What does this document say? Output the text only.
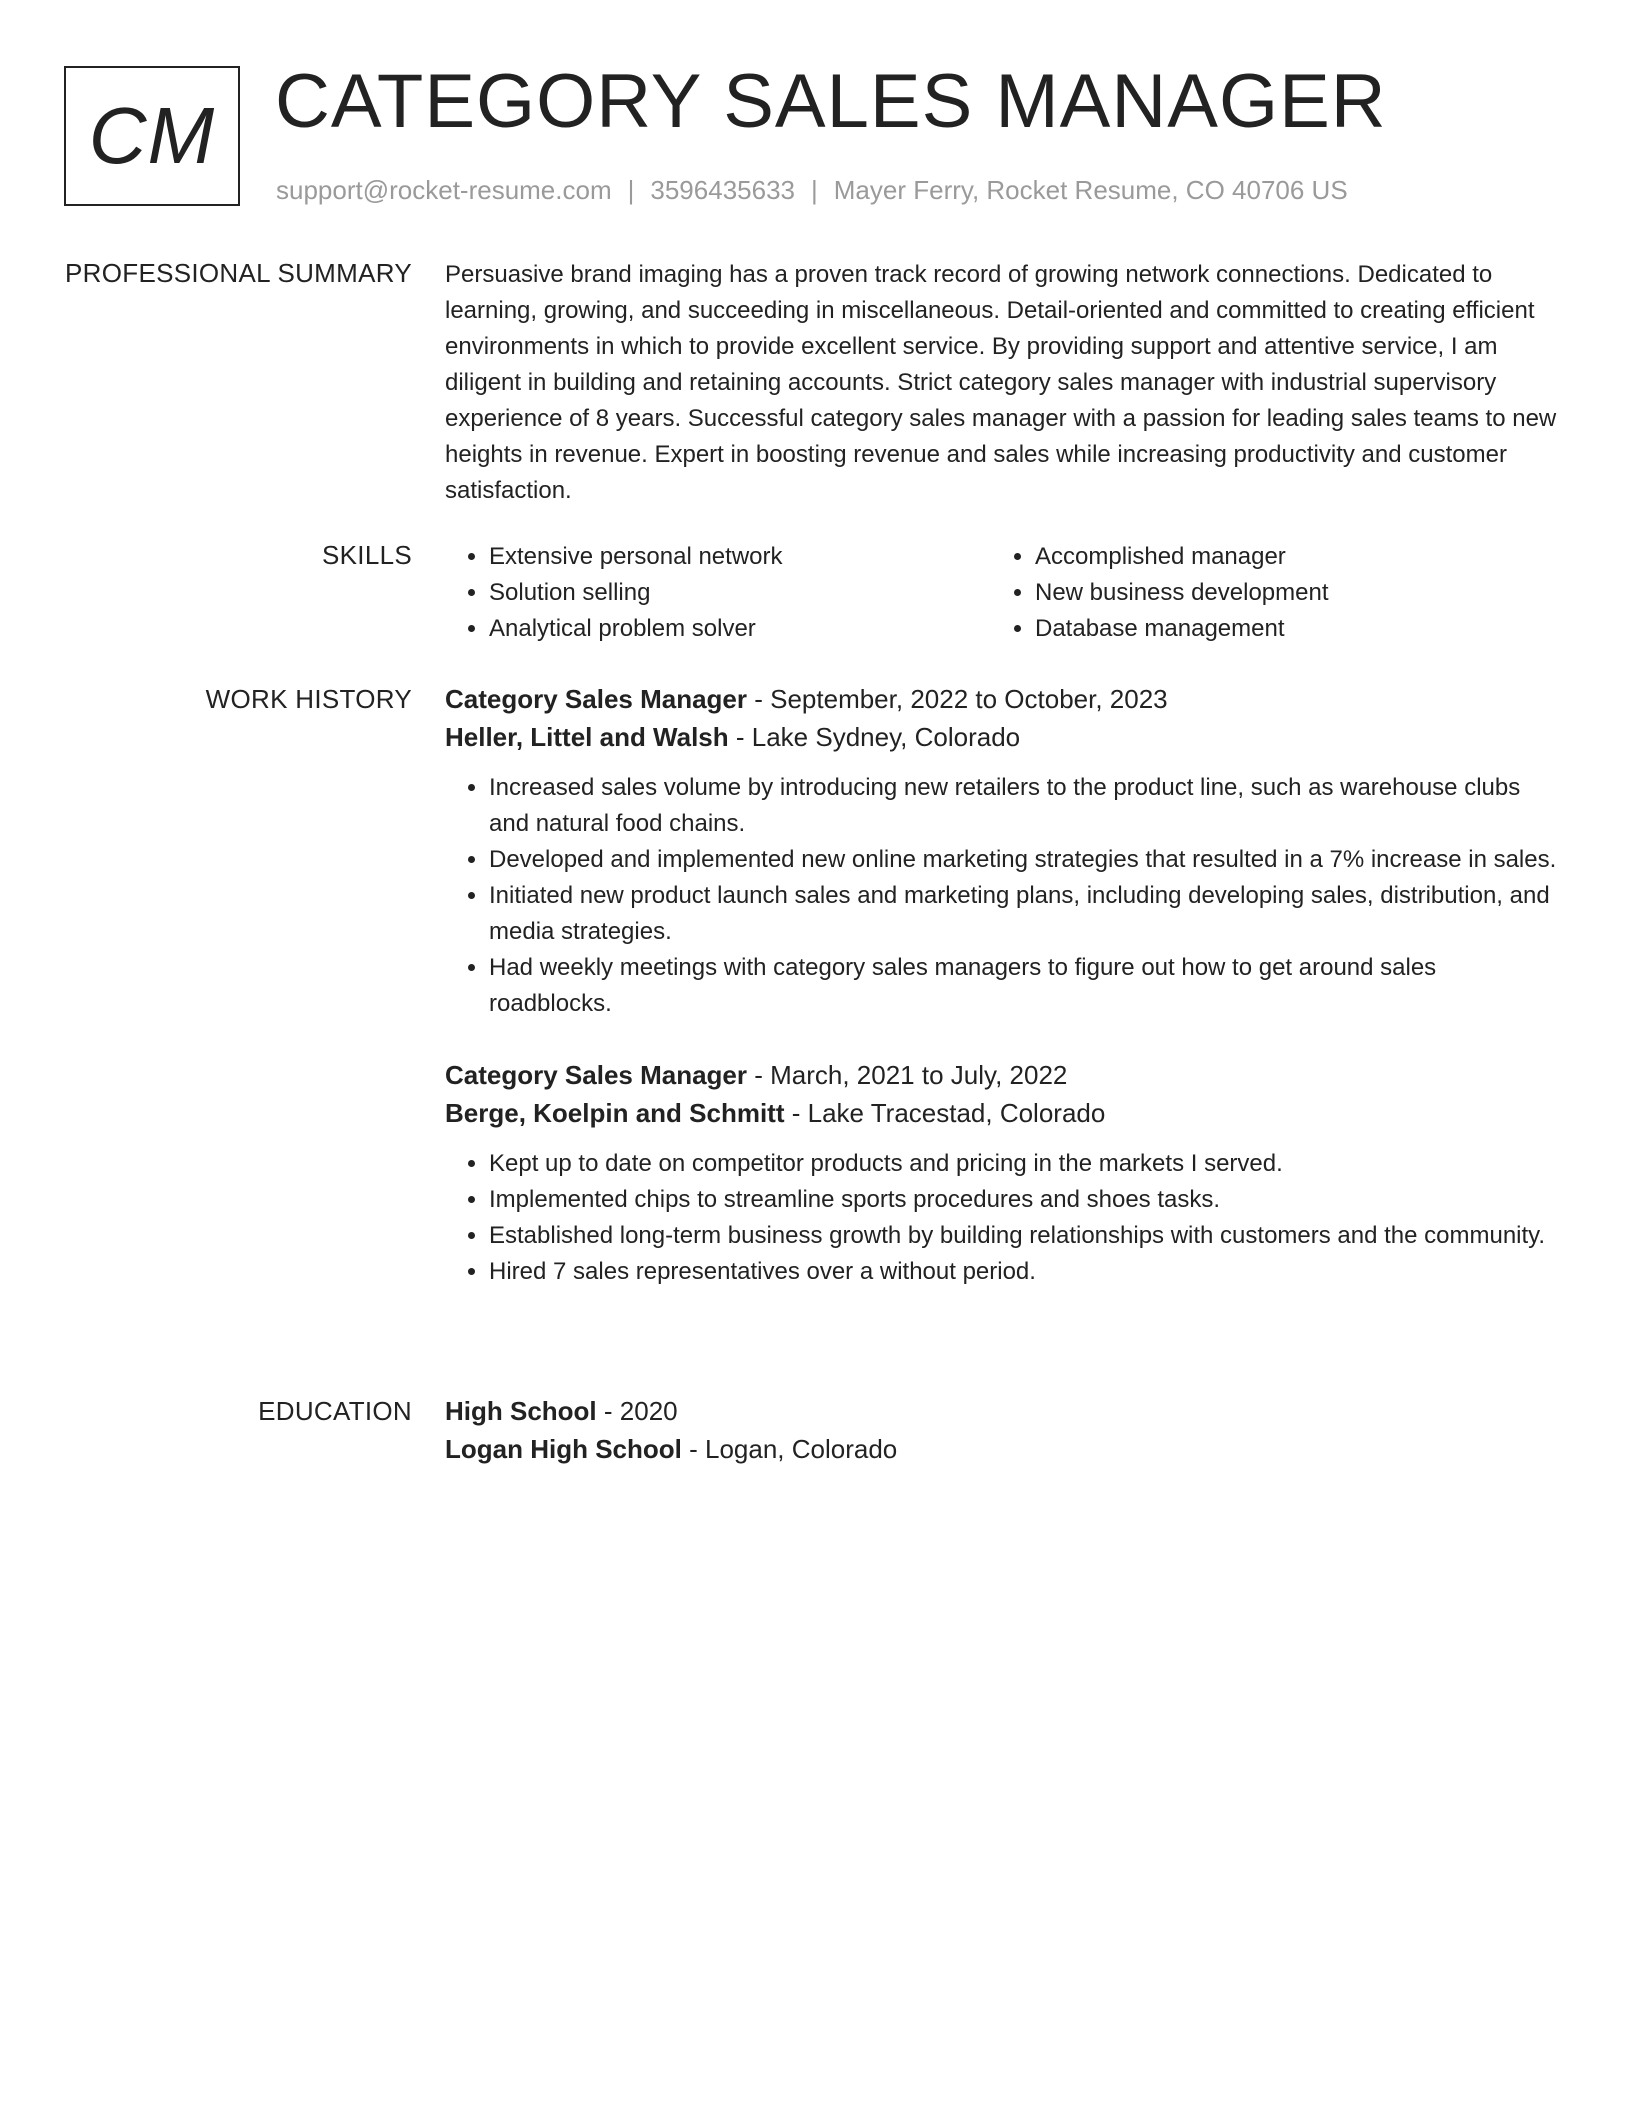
CM CATEGORY SALES MANAGER
support@rocket-resume.com | 3596435633 | Mayer Ferry, Rocket Resume, CO 40706 US
PROFESSIONAL SUMMARY Persuasive brand imaging has a proven track record of growing network connections. Dedicated to learning, growing, and succeeding in miscellaneous. Detail-oriented and committed to creating efficient environments in which to provide excellent service. By providing support and attentive service, I am diligent in building and retaining accounts. Strict category sales manager with industrial supervisory experience of 8 years. Successful category sales manager with a passion for leading sales teams to new heights in revenue. Expert in boosting revenue and sales while increasing productivity and customer satisfaction.

SKILLS
•	Extensive personal network
• Solution selling
• Analytical problem solver
• Accomplished manager
• New business development
• Database management
WORK HISTORY Category Sales Manager - September, 2022 to October, 2023
Heller, Littel and Walsh - Lake Sydney, Colorado
• Increased sales volume by introducing new retailers to the product line, such as warehouse clubs and natural food chains.
• Developed and implemented new online marketing strategies that resulted in a 7% increase in sales.
• Initiated new product launch sales and marketing plans, including developing sales, distribution, and media strategies.
• Had weekly meetings with category sales managers to figure out how to get around sales roadblocks.
Category Sales Manager - March, 2021 to July, 2022
Berge, Koelpin and Schmitt - Lake Tracestad, Colorado
• Kept up to date on competitor products and pricing in the markets I served.
• Implemented chips to streamline sports procedures and shoes tasks.
• Established long-term business growth by building relationships with customers and the community.
• Hired 7 sales representatives over a without period.
EDUCATION High School - 2020
Logan High School - Logan, Colorado
